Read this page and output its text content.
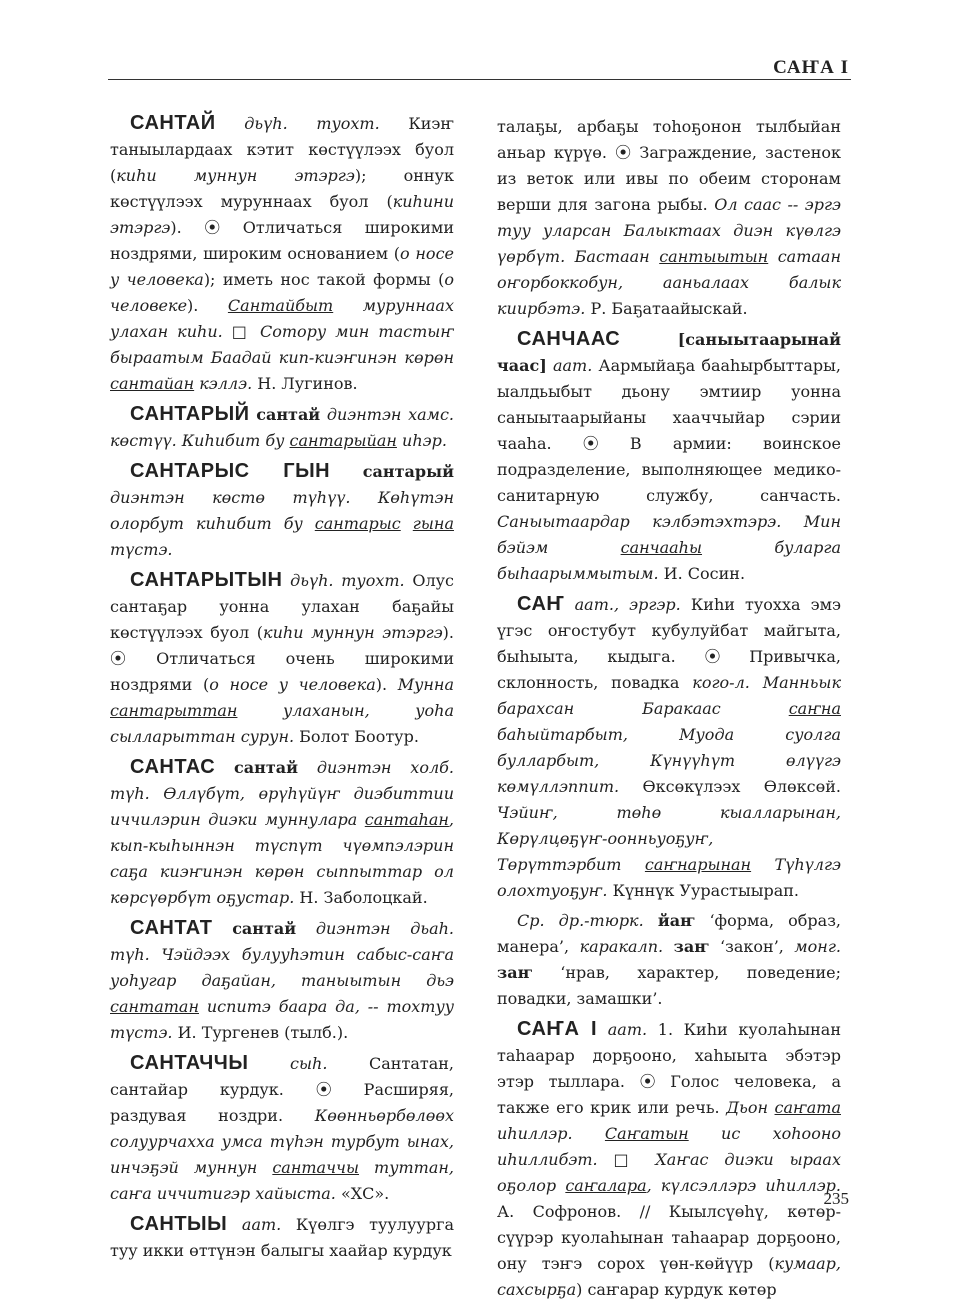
САҤА I

САНТАЙ дьүһ. туохт. Киэҥ таныылардаах кэтит көстүүлээх буол (киһи муннун этэргэ); оннук көстүүлээх муруннаах буол (киһини этэргэ). ⦿ Отличаться широкими ноздрями, широким основанием (о носе у человека); иметь нос такой формы (о человеке). Сантайбыт муруннаах улахан киһи. □ Сотору мин тастыҥ быраатым Баадай кип-киэҥинэн көрөн сантайан кэллэ. Н. Лугинов.

САНТАРЫЙ сантай диэнтэн хамс. көстүү. Киһибит бу сантарыйан иһэр.

САНТАРЫС ГЫН сантарый диэнтэн көстө түһүү. Көһүтэн олорбут киһибит бу сантарыс гына түстэ.

САНТАРЫТЫН дьүһ. туохт. Олус сантаҕар уонна улахан баҕайы көстүүлээх буол (киһи муннун этэргэ). ⦿ Отличаться очень широкими ноздрями (о носе у человека). Мунна сантарыттан улаханын, уоһа сылларыттан сурун. Болот Боотур.

САНТАС сантай диэнтэн холб. түһ. Өллүбүт, өрүһүйүҥ диэбиттии иччилэрин диэки муннулара сантаһан, кып-кыһыннэн түспүт чүөмпэлэрин саҕа киэҥинэн көрөн сыппыттар ол көрсүөрбүт оҕустар. Н. Заболоцкай.

САНТАТ сантай диэнтэн дьаһ. түһ. Чэйдээх булууһэтин сабыс-саҥа уоһугар даҕайан, таныытын дьэ сантатан испитэ баара да, -- тохтуу түстэ. И. Тургенев (тылб.).

САНТАЧЧЫ	сыһ. Сантатан, сантайар курдук. ⦿ Расширяя, раздувая ноздри. Көөнньөрбөлөөх солуурчахха умса түһэн турбут ынах, инчэҕэй муннун сантаччы туттан, саҥа иччитигэр хайыста. «ХС».

САНТЫЫ аат. Күөлгэ туулуурга туу икки өттүнэн балыгы хаайар курдук

талаҕы, арбаҕы тоһоҕонон тылбыйан аньар күрүө. ⦿ Заграждение, застенок из веток или ивы по обеим сторонам верши для загона рыбы. Ол саас -- эргэ туу уларсан Балыктаах диэн күөлгэ үөрбүт. Бастаан сантыытын сатаан оҥорбоккобун, ааньалаах балык киирбэтэ. Р. Баҕатаайыскай.

САНЧААС	[саныытаарынай чаас] аат. Аармыйаҕа бааһырбыттары, ыалдьыбыт дьону эмтиир уонна саныытаарыйаны хааччыйар сэрии чааһа. ⦿ В армии: воинское подразделение, выполняющее медико-санитарную службу, санчасть. Саныытаардар кэлбэтэхтэрэ. Мин бэйэм санчааһы буларга быһаарыммытым. И. Сосин.

САҤ аат., эргэр. Киһи туохха эмэ үгэс оҥостубут кубулуйбат майгыта, быһыыта, кыдыга. ⦿ Привычка, склонность, повадка кого-л. Манньык барахсан Баракаас саҥна баһыйтарбыт, Муода суолга булларбыт, Күнүүһүт өлүүгэ көмүллэппит. Өксөкүлээх Өлөксөй. Чэйиҥ, төһө кыалларынан, Көрүлцөҕүҥ-оонньуоҕуҥ, Төрүттэрбит саҥнарынан Түһүлгэ олохтуоҕуҥ. Күннүк Уурастыырап.

Ср. др.-тюрк. йаҥ ‘форма, образ, манера’, каракалп. заҥ ‘закон’, монг. заҥ ‘нрав, характер, поведение; повадки, замашки’.

САҤА I аат. 1. Киһи куолаһынан таһаарар дорҕооно, хаһыыта эбэтэр этэр тыллара. ⦿ Голос человека, а также его крик или речь. Дьон саҥата иһиллэр. Саҥатын ис хоһооно иһиллибэт. □ Хаҥас диэки ыраах оҕолор саҥалара, күлсэллэрэ иһиллэр. А. Софронов. // Кыылсүөһү, көтөр-сүүрэр куолаһынан таһаарар дорҕооно, ону тэҥэ сорох үөн-көйүүр (кумаар, сахсырҕа) саҥарар курдук көтөр

235
